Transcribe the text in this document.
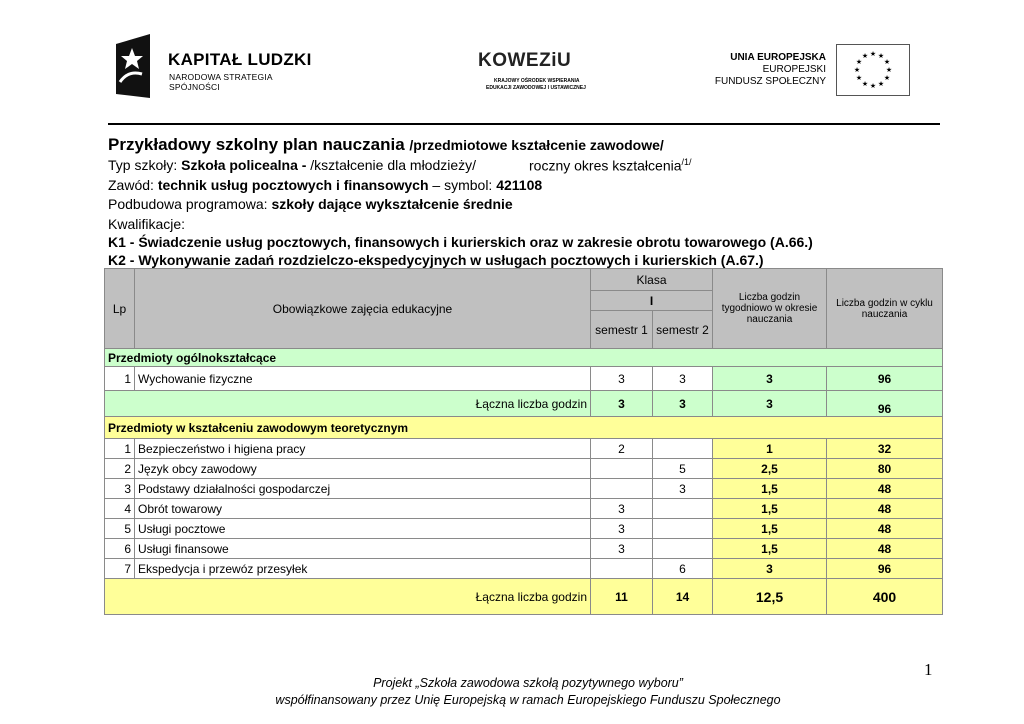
KAPITAŁ LUDZKI
NARODOWA STRATEGIA SPÓJNOŚCI
KOWEZiU
KRAJOWY OŚRODEK WSPIERANIA
EDUKACJI ZAWODOWEJ I USTAWICZNEJ
UNIA EUROPEJSKA
EUROPEJSKI
FUNDUSZ SPOŁECZNY
★ ★
★
★
★
★
★
★
★
★
★
★
Przykładowy szkolny plan nauczania /przedmiotowe kształcenie zawodowe/
Typ szkoły: Szkoła policealna - /kształcenie dla młodzieży/	roczny okres kształcenia$^{/1/}$
Zawód: technik usług pocztowych i finansowych – symbol: 421108
Podbudowa programowa: szkoły dające wykształcenie średnie
Kwalifikacje:
K1 - Świadczenie usług pocztowych, finansowych i kurierskich oraz w zakresie obrotu towarowego (A.66.)
K2 - Wykonywanie zadań rozdzielczo-ekspedycyjnych w usługach pocztowych i kurierskich (A.67.)
Lp	Obowiązkowe zajęcia edukacyjne	Klasa		Liczba godzin tygodniowo w okresie nauczania	Liczba godzin w cyklu nauczania
		I			
		semestr 1	semestr 2		
Przedmioty ogólnokształcące					
1	Wychowanie fizyczne	3	3	3	96
Łączna liczba godzin		3	3	3	96
Przedmioty w kształceniu zawodowym teoretycznym					
1	Bezpieczeństwo i higiena pracy	2		1	32
2	Język obcy zawodowy		5	2,5	80
3	Podstawy działalności gospodarczej		3	1,5	48
4	Obrót towarowy	3		1,5	48
5	Usługi pocztowe	3		1,5	48
6	Usługi finansowe	3		1,5	48
7	Ekspedycja i przewóz przesyłek		6	3	96
Łączna liczba godzin		11	14	12,5	400
1
Projekt „Szkoła zawodowa szkołą pozytywnego wyboru”
współfinansowany przez Unię Europejską w ramach Europejskiego Funduszu Społecznego
